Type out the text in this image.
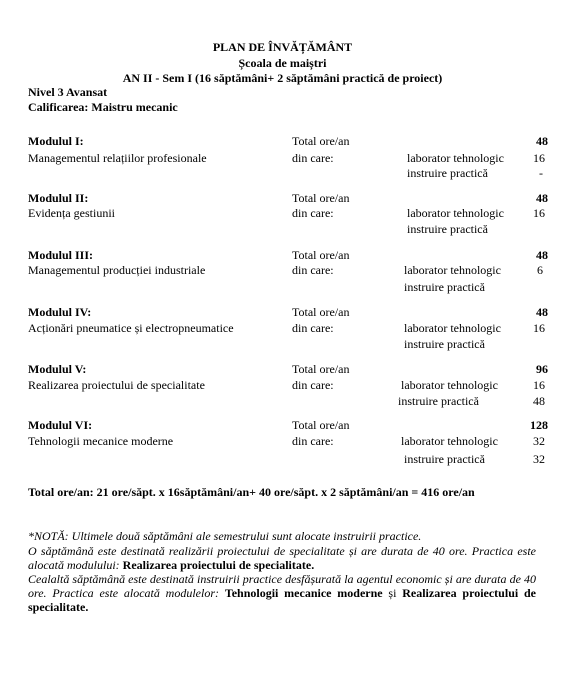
PLAN DE ÎNVĂȚĂMÂNT
Școala de maiștri
AN II - Sem I (16 săptămâni+ 2 săptămâni practică de proiect)
Nivel 3 Avansat
Calificarea: Maistru mecanic
Modulul I:	Total ore/an	48
Managementul relațiilor profesionale	din care:	laborator tehnologic	16
instruire practică	-
Modulul II:	Total ore/an	48
Evidența gestiunii	din care:	laborator tehnologic	16
instruire practică
Modulul III:	Total ore/an	48
Managementul producției industriale	din care:	laborator tehnologic	6
instruire practică
Modulul IV:	Total ore/an	48
Acționări pneumatice și electropneumatice	din care:	laborator tehnologic	16
instruire practică
Modulul V:	Total ore/an	96
Realizarea proiectului de specialitate	din care:	laborator tehnologic	16
instruire practică	48
Modulul VI:	Total ore/an	128
Tehnologii mecanice moderne	din care:	laborator tehnologic	32
instruire practică	32
Total ore/an: 21 ore/săpt. x 16săptămâni/an+ 40 ore/săpt. x 2 săptămâni/an = 416 ore/an
*NOTĂ: Ultimele două săptămâni ale semestrului sunt alocate instruirii practice.
O săptămână este destinată realizării proiectului de specialitate și are durata de 40 ore. Practica este alocată modulului: Realizarea proiectului de specialitate.
Cealaltă săptămână este destinată instruirii practice desfășurată la agentul economic și are durata de 40 ore. Practica este alocată modulelor: Tehnologii mecanice moderne și Realizarea proiectului de specialitate.
